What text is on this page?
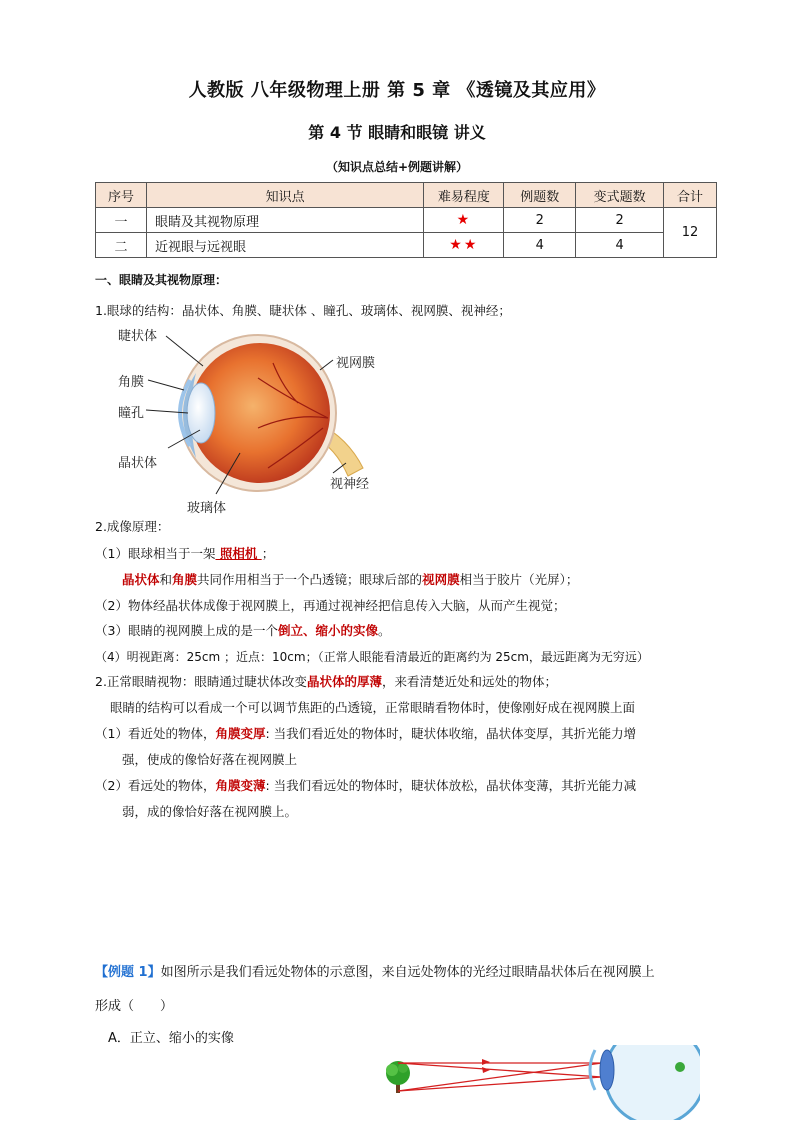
人教版 八年级物理上册 第 5 章 《透镜及其应用》
第 4 节 眼睛和眼镜 讲义
（知识点总结+例题讲解）
序号	知识点	难易程度	例题数	变式题数	合计
一	眼睛及其视物原理	★	2	2	12
二	近视眼与远视眼	★★	4	4	
一、眼睛及其视物原理：
1.眼球的结构：晶状体、角膜、睫状体 、瞳孔、玻璃体、视网膜、视神经；
睫状体
视网膜
角膜
瞳孔
晶状体
视神经
玻璃体
2.成像原理：
（1）眼球相当于一架 照相机 ；
晶状体和角膜共同作用相当于一个凸透镜；眼球后部的视网膜相当于胶片（光屏）；
（2）物体经晶状体成像于视网膜上，再通过视神经把信息传入大脑，从而产生视觉；
（3）眼睛的视网膜上成的是一个倒立、缩小的实像。
（4）明视距离：25cm ；近点：10cm；（正常人眼能看清最近的距离约为 25cm，最远距离为无穷远）
2.正常眼睛视物：眼睛通过睫状体改变晶状体的厚薄，来看清楚近处和远处的物体；
眼睛的结构可以看成一个可以调节焦距的凸透镜，正常眼睛看物体时，使像刚好成在视网膜上面
（1）看近处的物体，角膜变厚: 当我们看近处的物体时，睫状体收缩，晶状体变厚，其折光能力增
强，使成的像恰好落在视网膜上
（2）看远处的物体，角膜变薄: 当我们看远处的物体时，睫状体放松，晶状体变薄，其折光能力减
弱，成的像恰好落在视网膜上。
【例题 1】如图所示是我们看远处物体的示意图，来自远处物体的光经过眼睛晶状体后在视网膜上
形成（　　）
A．正立、缩小的实像
